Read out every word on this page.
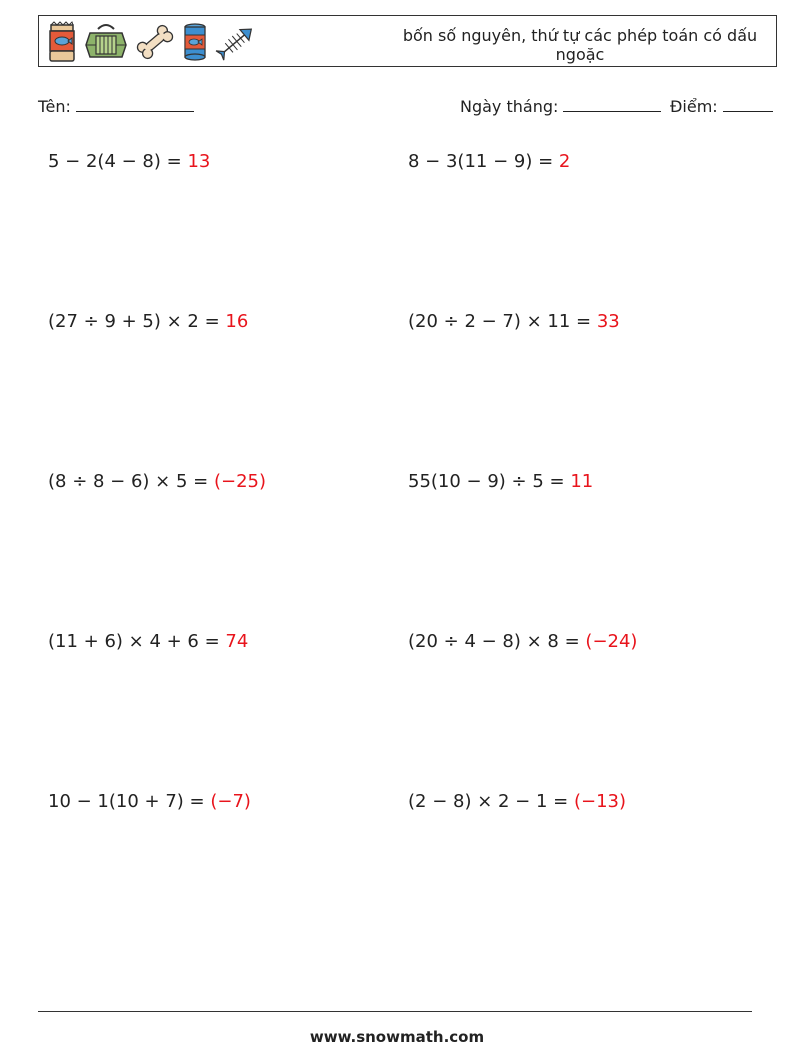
bốn số nguyên, thứ tự các phép toán có dấu
ngoặc
Tên:	Ngày tháng:	Điểm:
5 − 2(4 − 8) = 13	8 − 3(11 − 9) = 2
(27 ÷ 9 + 5) × 2 = 16	(20 ÷ 2 − 7) × 11 = 33
(8 ÷ 8 − 6) × 5 = (−25)	55(10 − 9) ÷ 5 = 11
(11 + 6) × 4 + 6 = 74	(20 ÷ 4 − 8) × 8 = (−24)
10 − 1(10 + 7) = (−7)	(2 − 8) × 2 − 1 = (−13)
www.snowmath.com
